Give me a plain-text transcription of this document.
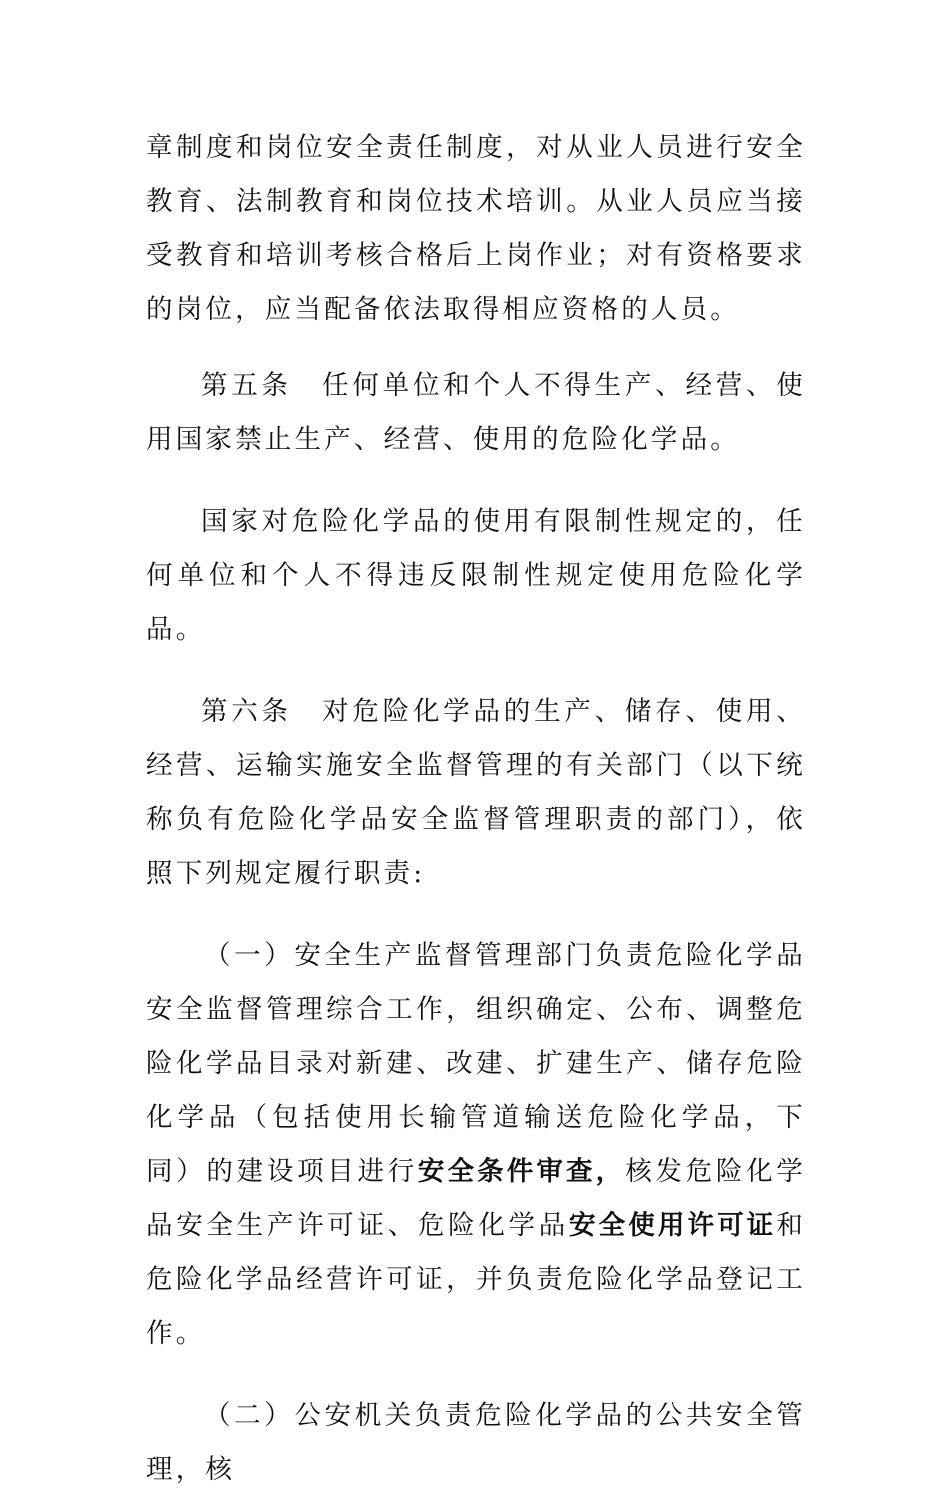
章制度和岗位安全责任制度，对从业人员进行安全教育、法制教育和岗位技术培训。从业人员应当接受教育和培训考核合格后上岗作业；对有资格要求的岗位，应当配备依法取得相应资格的人员。

第五条　 任何单位和个人不得生产、经营、使用国家禁止生产、经营、使用的危险化学品。

国家对危险化学品的使用有限制性规定的，任何单位和个人不得违反限制性规定使用危险化学品。

第六条　 对危险化学品的生产、储存、使用、经营、运输实施安全监督管理的有关部门（以下统称负有危险化学品安全监督管理职责的部门），依照下列规定履行职责:

（一）安全生产监督管理部门负责危险化学品安全监督管理综合工作，组织确定、公布、调整危险化学品目录对新建、改建、扩建生产、储存危险化学品（包括使用长输管道输送危险化学品，下同）的建设项目进行安全条件审查，核发危险化学品安全生产许可证、危险化学品安全使用许可证和危险化学品经营许可证，并负责危险化学品登记工作。

（二）公安机关负责危险化学品的公共安全管理，核
